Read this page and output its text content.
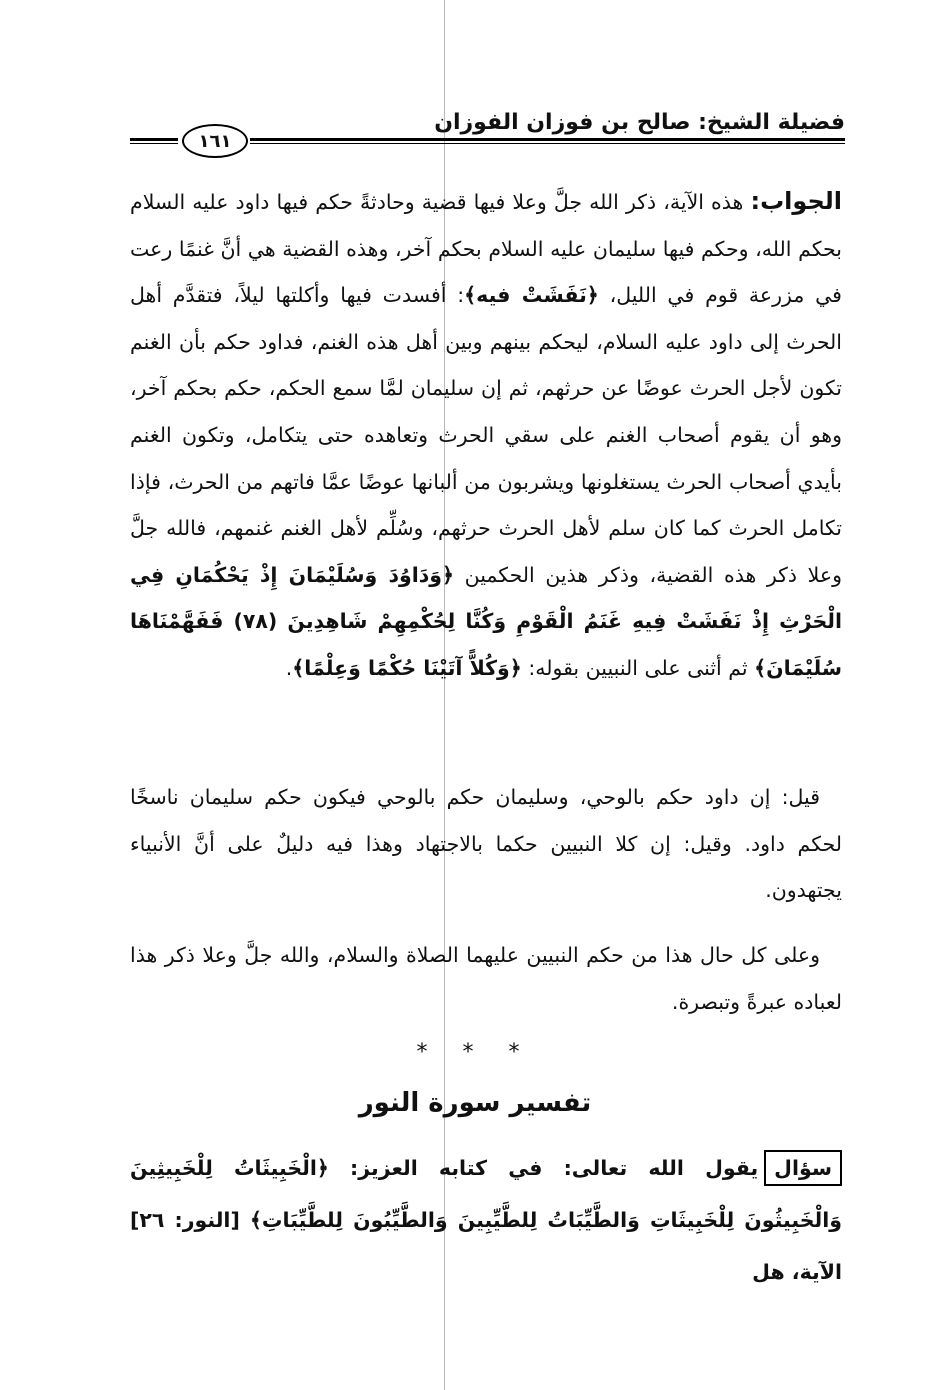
فضيلة الشيخ: صالح بن فوزان الفوزان
١٦١

الجواب: هذه الآية، ذكر الله جلَّ وعلا فيها قضية وحادثةً حكم فيها داود عليه السلام بحكم الله، وحكم فيها سليمان عليه السلام بحكم آخر، وهذه القضية هي أنَّ غنمًا رعت في مزرعة قوم في الليل، ﴿نَفَشَتْ فيه﴾: أفسدت فيها وأكلتها ليلاً، فتقدَّم أهل الحرث إلى داود عليه السلام، ليحكم بينهم وبين أهل هذه الغنم، فداود حكم بأن الغنم تكون لأجل الحرث عوضًا عن حرثهم، ثم إن سليمان لمَّا سمع الحكم، حكم بحكم آخر، وهو أن يقوم أصحاب الغنم على سقي الحرث وتعاهده حتى يتكامل، وتكون الغنم بأيدي أصحاب الحرث يستغلونها ويشربون من ألبانها عوضًا عمَّا فاتهم من الحرث، فإذا تكامل الحرث كما كان سلم لأهل الحرث حرثهم، وسُلِّم لأهل الغنم غنمهم، فالله جلَّ وعلا ذكر هذه القضية، وذكر هذين الحكمين ﴿وَدَاوُدَ وَسُلَيْمَانَ إِذْ يَحْكُمَانِ فِي الْحَرْثِ إِذْ نَفَشَتْ فِيهِ غَنَمُ الْقَوْمِ وَكُنَّا لِحُكْمِهِمْ شَاهِدِينَ (٧٨) فَفَهَّمْنَاهَا سُلَيْمَانَ﴾ ثم أثنى على النبيين بقوله: ﴿وَكُلاًّ آتَيْنَا حُكْمًا وَعِلْمًا﴾.

قيل: إن داود حكم بالوحي، وسليمان حكم بالوحي فيكون حكم سليمان ناسخًا لحكم داود. وقيل: إن كلا النبيين حكما بالاجتهاد وهذا فيه دليلٌ على أنَّ الأنبياء يجتهدون.

وعلى كل حال هذا من حكم النبيين عليهما الصلاة والسلام، والله جلَّ وعلا ذكر هذا لعباده عبرةً وتبصرة.

* * *
تفسير سورة النور
سؤاليقول الله تعالى: في كتابه العزيز: ﴿الْخَبِيثَاتُ لِلْخَبِيثِينَ وَالْخَبِيثُونَ لِلْخَبِيثَاتِ وَالطَّيِّبَاتُ لِلطَّيِّبِينَ وَالطَّيِّبُونَ لِلطَّيِّبَاتِ﴾ [النور: ٢٦] الآية، هل
